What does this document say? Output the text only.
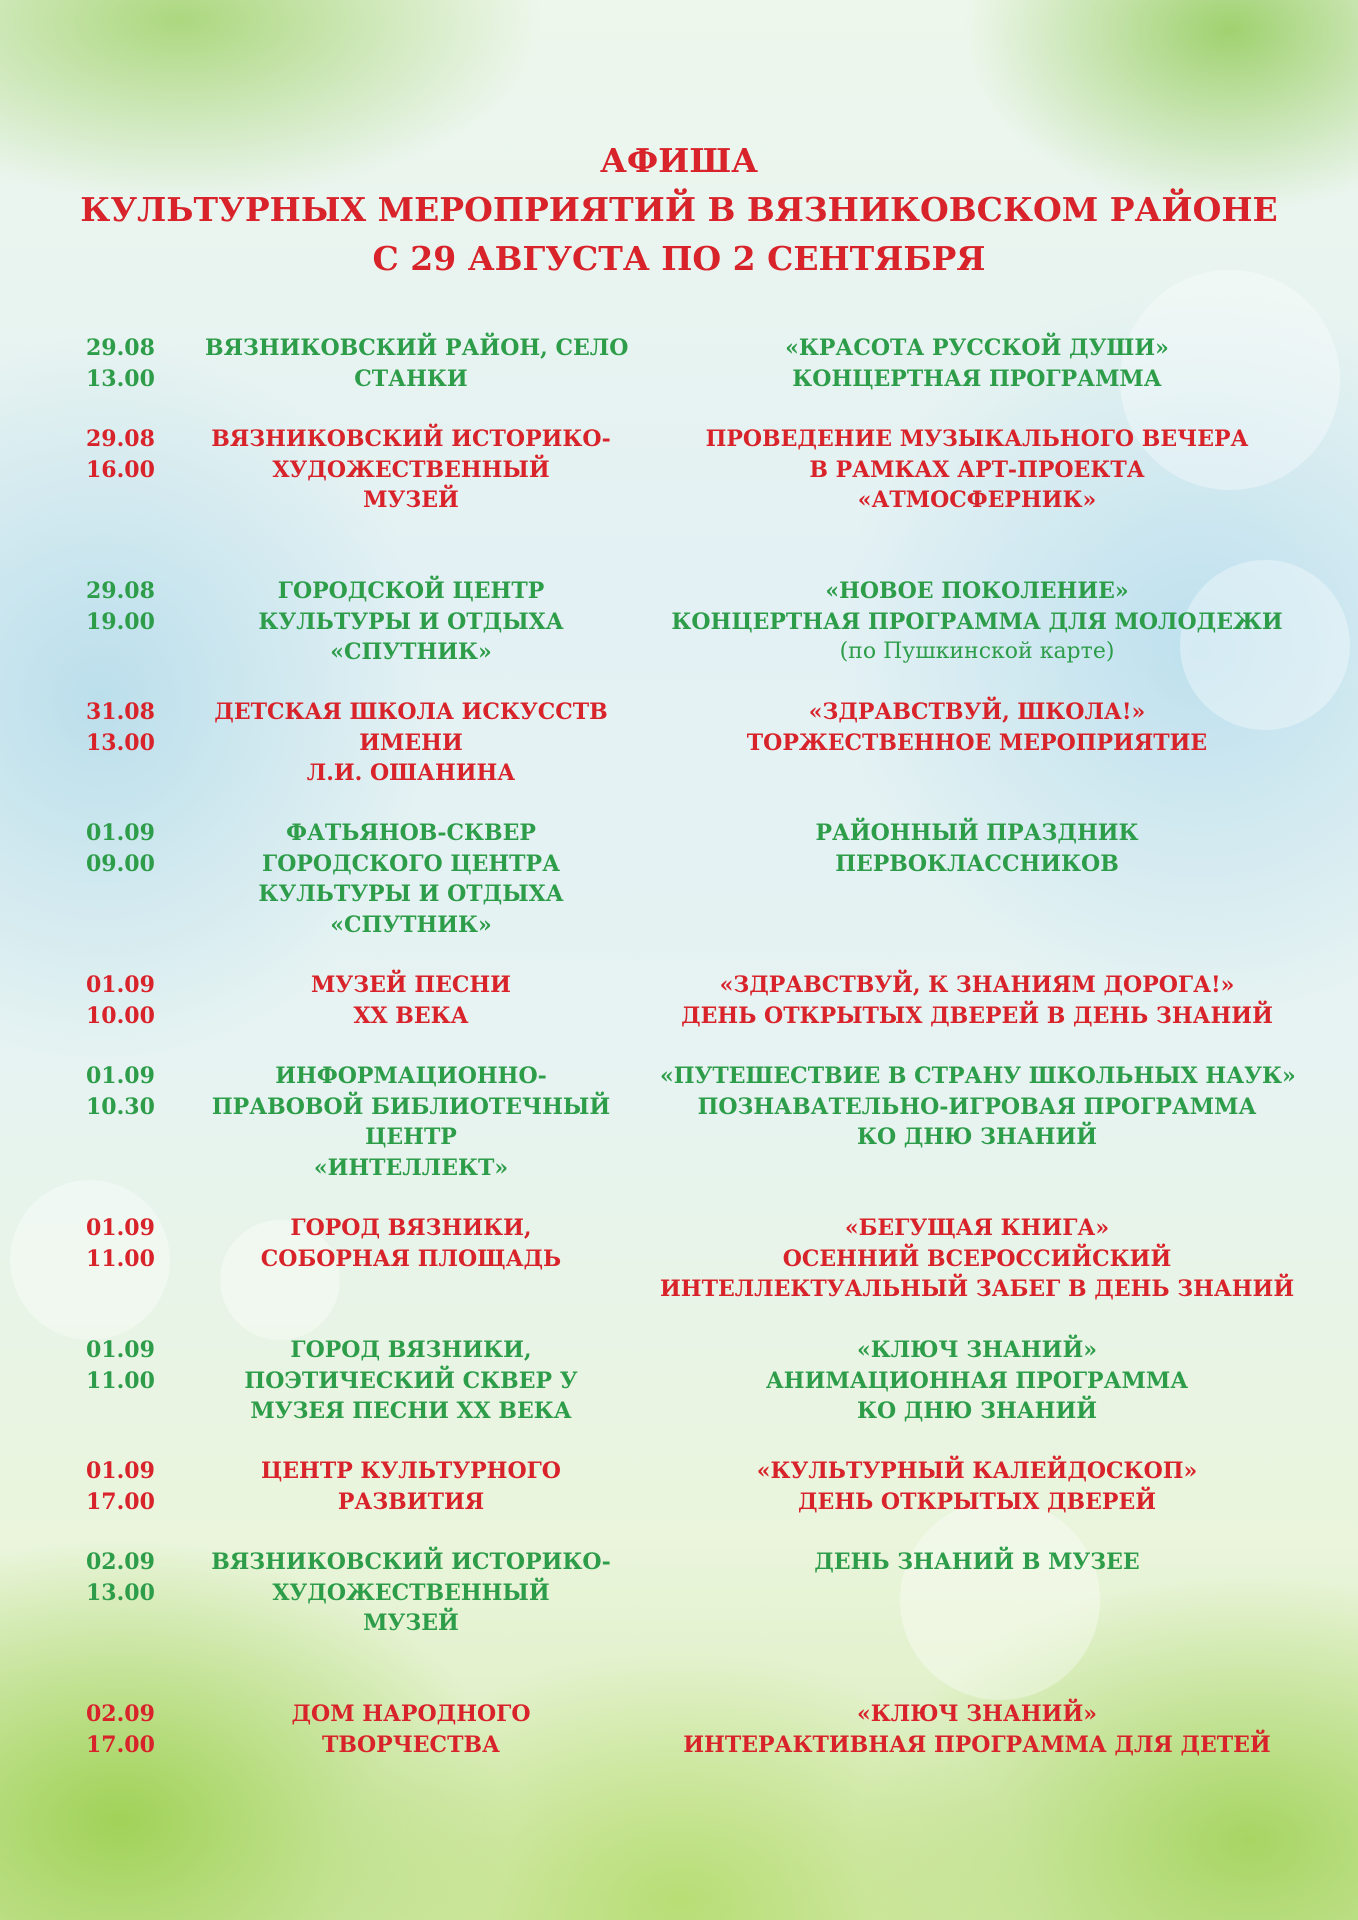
АФИША
КУЛЬТУРНЫХ МЕРОПРИЯТИЙ В ВЯЗНИКОВСКОМ РАЙОНЕ
С 29 АВГУСТА ПО 2 СЕНТЯБРЯ
29.08
13.00
ВЯЗНИКОВСКИЙ РАЙОН, СЕЛО
СТАНКИ
«КРАСОТА РУССКОЙ ДУШИ»
КОНЦЕРТНАЯ ПРОГРАММА
29.08
16.00
ВЯЗНИКОВСКИЙ ИСТОРИКО-
ХУДОЖЕСТВЕННЫЙ
МУЗЕЙ
ПРОВЕДЕНИЕ МУЗЫКАЛЬНОГО ВЕЧЕРА
В РАМКАХ АРТ-ПРОЕКТА
«АТМОСФЕРНИК»
29.08
19.00
ГОРОДСКОЙ ЦЕНТР
КУЛЬТУРЫ И ОТДЫХА
«СПУТНИК»
«НОВОЕ ПОКОЛЕНИЕ»
КОНЦЕРТНАЯ ПРОГРАММА ДЛЯ МОЛОДЕЖИ
(по Пушкинской карте)
31.08
13.00
ДЕТСКАЯ ШКОЛА ИСКУССТВ
ИМЕНИ
Л.И. ОШАНИНА
«ЗДРАВСТВУЙ, ШКОЛА!»
ТОРЖЕСТВЕННОЕ МЕРОПРИЯТИЕ
01.09
09.00
ФАТЬЯНОВ-СКВЕР
ГОРОДСКОГО ЦЕНТРА
КУЛЬТУРЫ И ОТДЫХА
«СПУТНИК»
РАЙОННЫЙ ПРАЗДНИК
ПЕРВОКЛАССНИКОВ
01.09
10.00
МУЗЕЙ ПЕСНИ
ХХ ВЕКА
«ЗДРАВСТВУЙ, К ЗНАНИЯМ ДОРОГА!»
ДЕНЬ ОТКРЫТЫХ ДВЕРЕЙ В ДЕНЬ ЗНАНИЙ
01.09
10.30
ИНФОРМАЦИОННО-
ПРАВОВОЙ БИБЛИОТЕЧНЫЙ
ЦЕНТР
«ИНТЕЛЛЕКТ»
«ПУТЕШЕСТВИЕ В СТРАНУ ШКОЛЬНЫХ НАУК»
ПОЗНАВАТЕЛЬНО-ИГРОВАЯ ПРОГРАММА
КО ДНЮ ЗНАНИЙ
01.09
11.00
ГОРОД ВЯЗНИКИ,
СОБОРНАЯ ПЛОЩАДЬ
«БЕГУЩАЯ КНИГА»
ОСЕННИЙ ВСЕРОССИЙСКИЙ
ИНТЕЛЛЕКТУАЛЬНЫЙ ЗАБЕГ В ДЕНЬ ЗНАНИЙ
01.09
11.00
ГОРОД ВЯЗНИКИ,
ПОЭТИЧЕСКИЙ СКВЕР У
МУЗЕЯ ПЕСНИ ХХ ВЕКА
«КЛЮЧ ЗНАНИЙ»
АНИМАЦИОННАЯ ПРОГРАММА
КО ДНЮ ЗНАНИЙ
01.09
17.00
ЦЕНТР КУЛЬТУРНОГО
РАЗВИТИЯ
«КУЛЬТУРНЫЙ КАЛЕЙДОСКОП»
ДЕНЬ ОТКРЫТЫХ ДВЕРЕЙ
02.09
13.00
ВЯЗНИКОВСКИЙ ИСТОРИКО-
ХУДОЖЕСТВЕННЫЙ
МУЗЕЙ
ДЕНЬ ЗНАНИЙ В МУЗЕЕ
02.09
17.00
ДОМ НАРОДНОГО
ТВОРЧЕСТВА
«КЛЮЧ ЗНАНИЙ»
ИНТЕРАКТИВНАЯ ПРОГРАММА ДЛЯ ДЕТЕЙ
